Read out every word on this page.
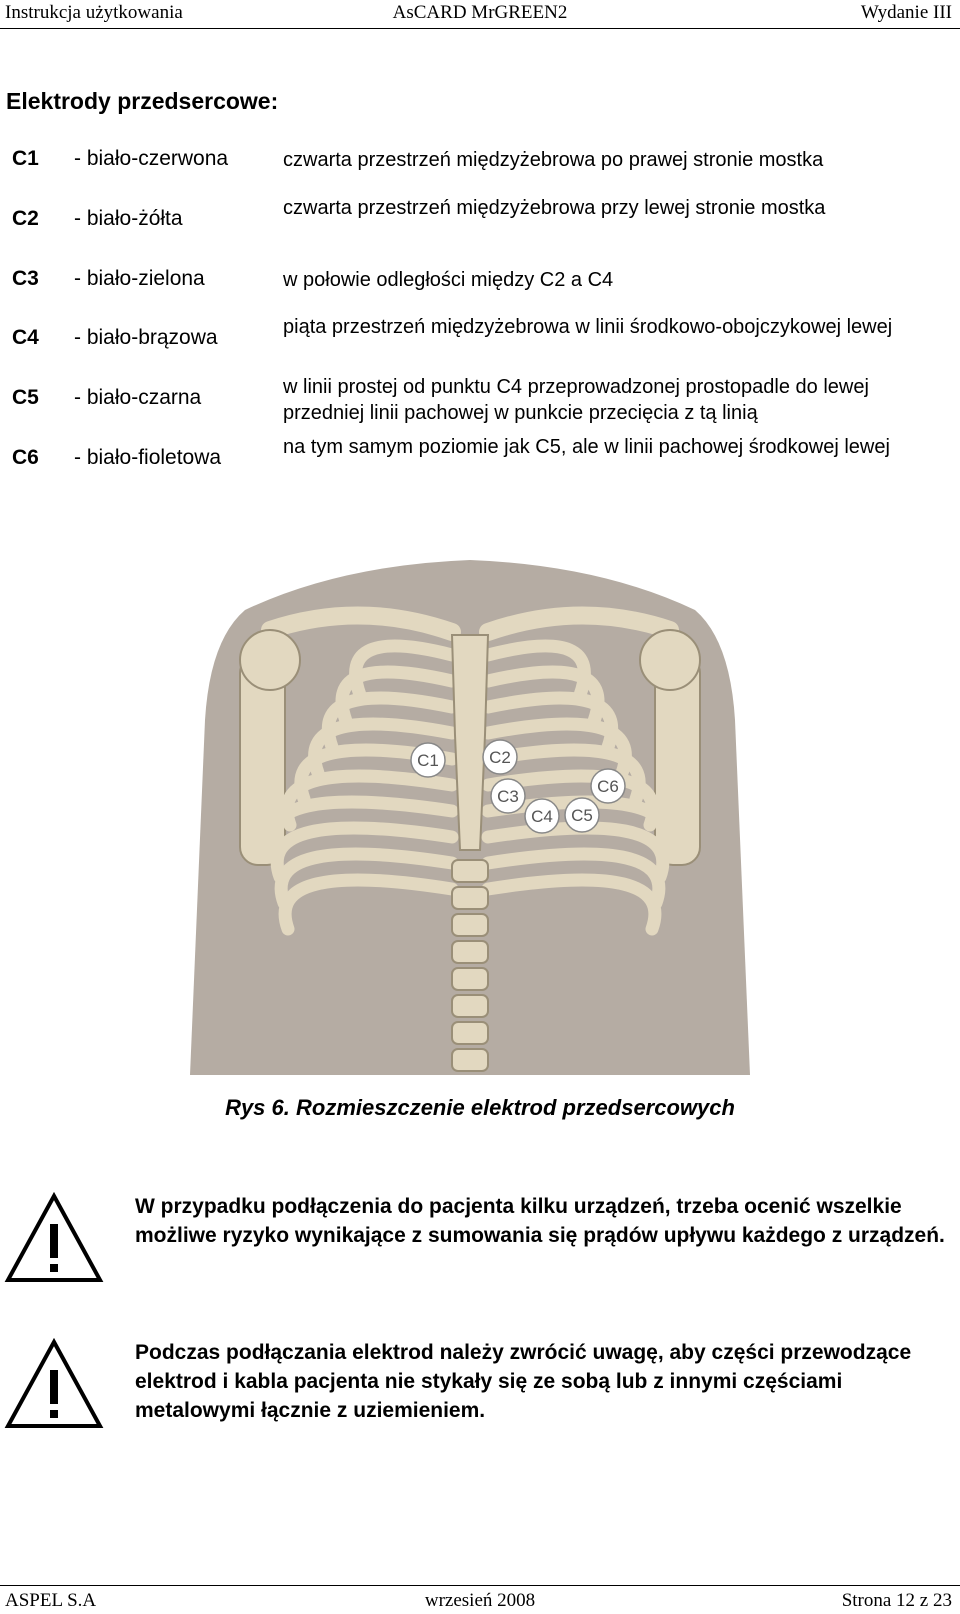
Instrukcja użytkowania	AsCARD MrGREEN2	Wydanie III
Elektrody przedsercowe:
C1 - biało-czerwona	czwarta przestrzeń międzyżebrowa po prawej stronie mostka
C2 - biało-żółta	czwarta przestrzeń międzyżebrowa przy lewej stronie mostka
C3 - biało-zielona	w połowie odległości między C2 a C4
C4 - biało-brązowa	piąta przestrzeń międzyżebrowa w linii środkowo-obojczykowej lewej
C5 - biało-czarna	w linii prostej od punktu C4 przeprowadzonej prostopadle do lewej przedniej linii pachowej w punkcie przecięcia z tą linią
C6 - biało-fioletowa	na tym samym poziomie jak C5, ale w linii pachowej środkowej lewej
C1	C2
C3
C4 C5
C6
Rys 6. Rozmieszczenie elektrod przedsercowych
W przypadku podłączenia do pacjenta kilku urządzeń, trzeba ocenić wszelkie możliwe ryzyko wynikające z sumowania się prądów upływu każdego z urządzeń.
Podczas podłączania elektrod należy zwrócić uwagę, aby części przewodzące elektrod i kabla pacjenta nie stykały się ze sobą lub z innymi częściami metalowymi łącznie z uziemieniem.
ASPEL S.A	wrzesień 2008	Strona 12 z 23
